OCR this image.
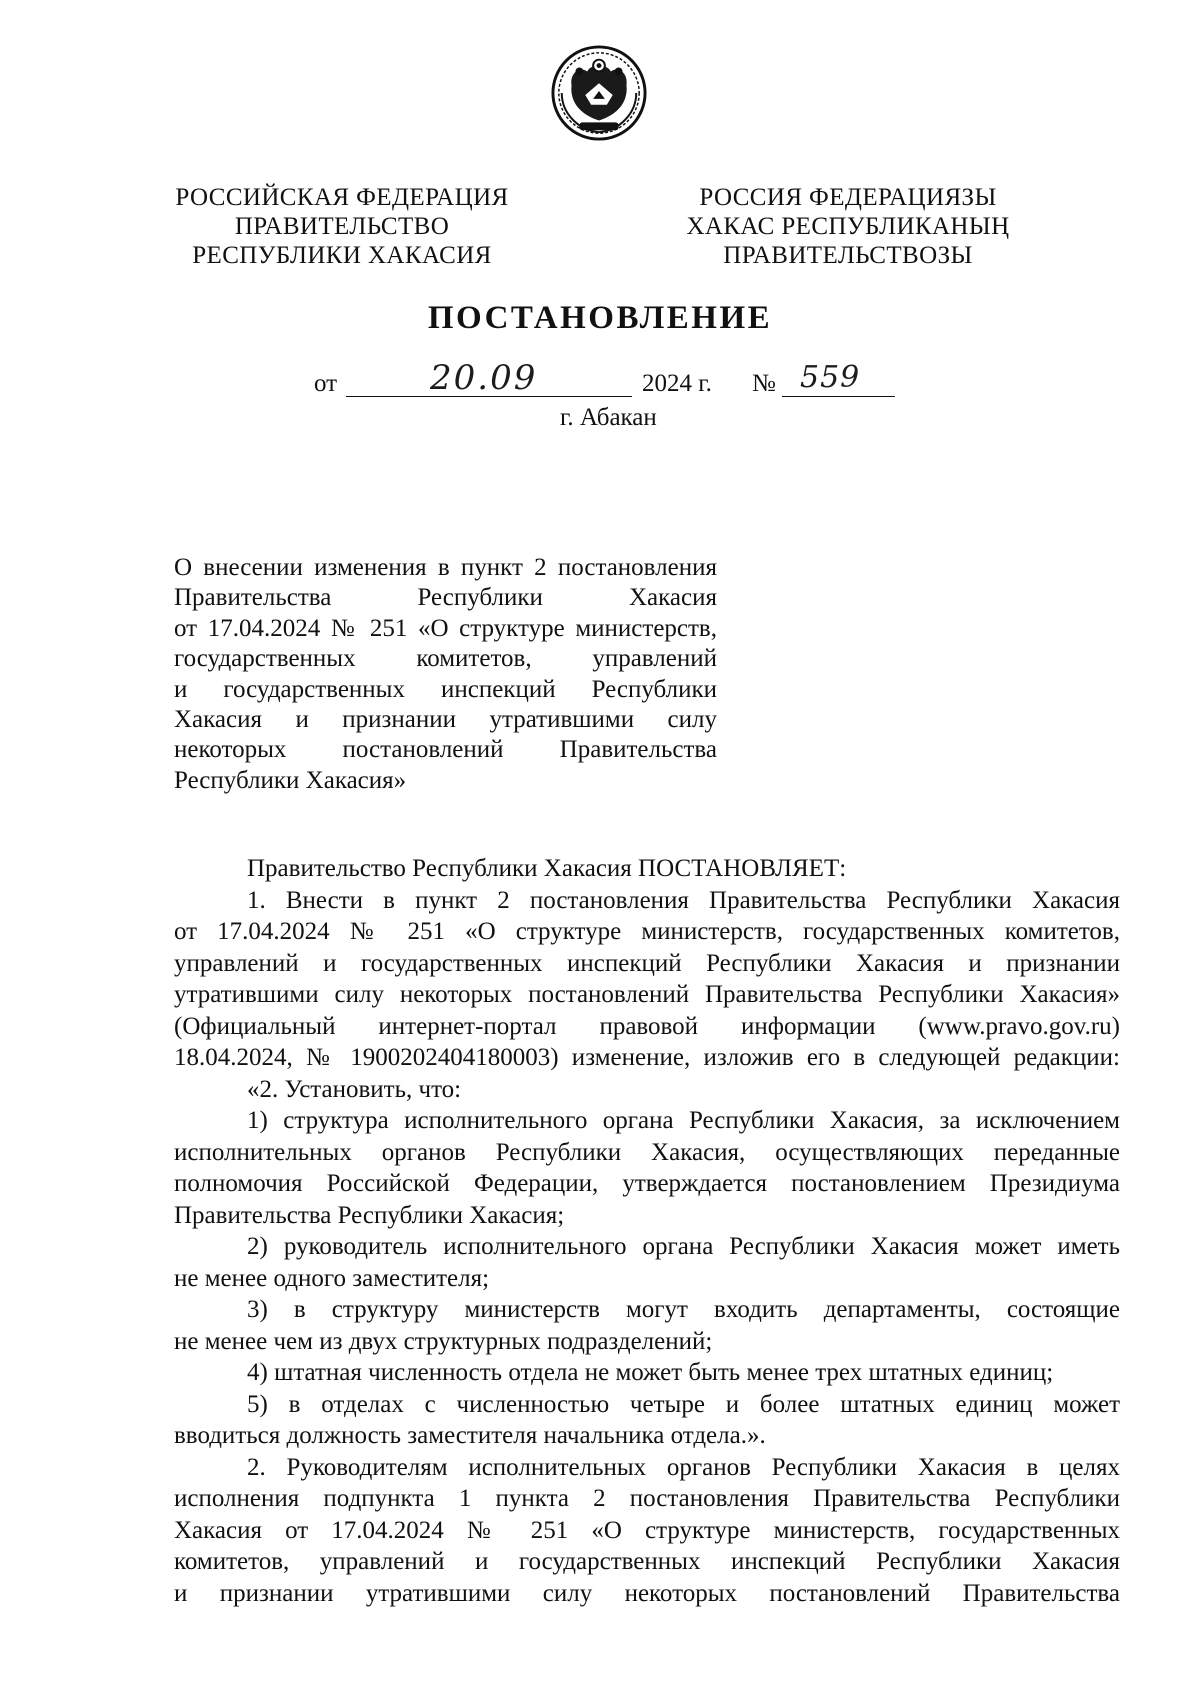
РОССИЙСКАЯ ФЕДЕРАЦИЯ
ПРАВИТЕЛЬСТВО
РЕСПУБЛИКИ ХАКАСИЯ
РОССИЯ ФЕДЕРАЦИЯЗЫ
ХАКАС РЕСПУБЛИКАНЫҢ
ПРАВИТЕЛЬСТВОЗЫ
ПОСТАНОВЛЕНИЕ
от	20.09	2024 г. № 559
г. Абакан
О внесении изменения в пункт 2 постановления
Правительства Республики Хакасия
от 17.04.2024 № 251 «О структуре министерств,
государственных комитетов, управлений
и государственных инспекций Республики
Хакасия и признании утратившими силу
некоторых постановлений Правительства
Республики Хакасия»
Правительство Республики Хакасия ПОСТАНОВЛЯЕТ:
1. Внести в пункт 2 постановления Правительства Республики Хакасия
от 17.04.2024 № 251 «О структуре министерств, государственных комитетов,
управлений и государственных инспекций Республики Хакасия и признании
утратившими силу некоторых постановлений Правительства Республики Хакасия»
(Официальный интернет-портал правовой информации (www.pravo.gov.ru)
18.04.2024, № 1900202404180003) изменение, изложив его в следующей редакции:
«2. Установить, что:
1) структура исполнительного органа Республики Хакасия, за исключением
исполнительных органов Республики Хакасия, осуществляющих переданные
полномочия Российской Федерации, утверждается постановлением Президиума
Правительства Республики Хакасия;
2) руководитель исполнительного органа Республики Хакасия может иметь
не менее одного заместителя;
3) в структуру министерств могут входить департаменты, состоящие
не менее чем из двух структурных подразделений;
4) штатная численность отдела не может быть менее трех штатных единиц;
5) в отделах с численностью четыре и более штатных единиц может
вводиться должность заместителя начальника отдела.».
2. Руководителям исполнительных органов Республики Хакасия в целях
исполнения подпункта 1 пункта 2 постановления Правительства Республики
Хакасия от 17.04.2024 № 251 «О структуре министерств, государственных
комитетов, управлений и государственных инспекций Республики Хакасия
и признании утратившими силу некоторых постановлений Правительства
